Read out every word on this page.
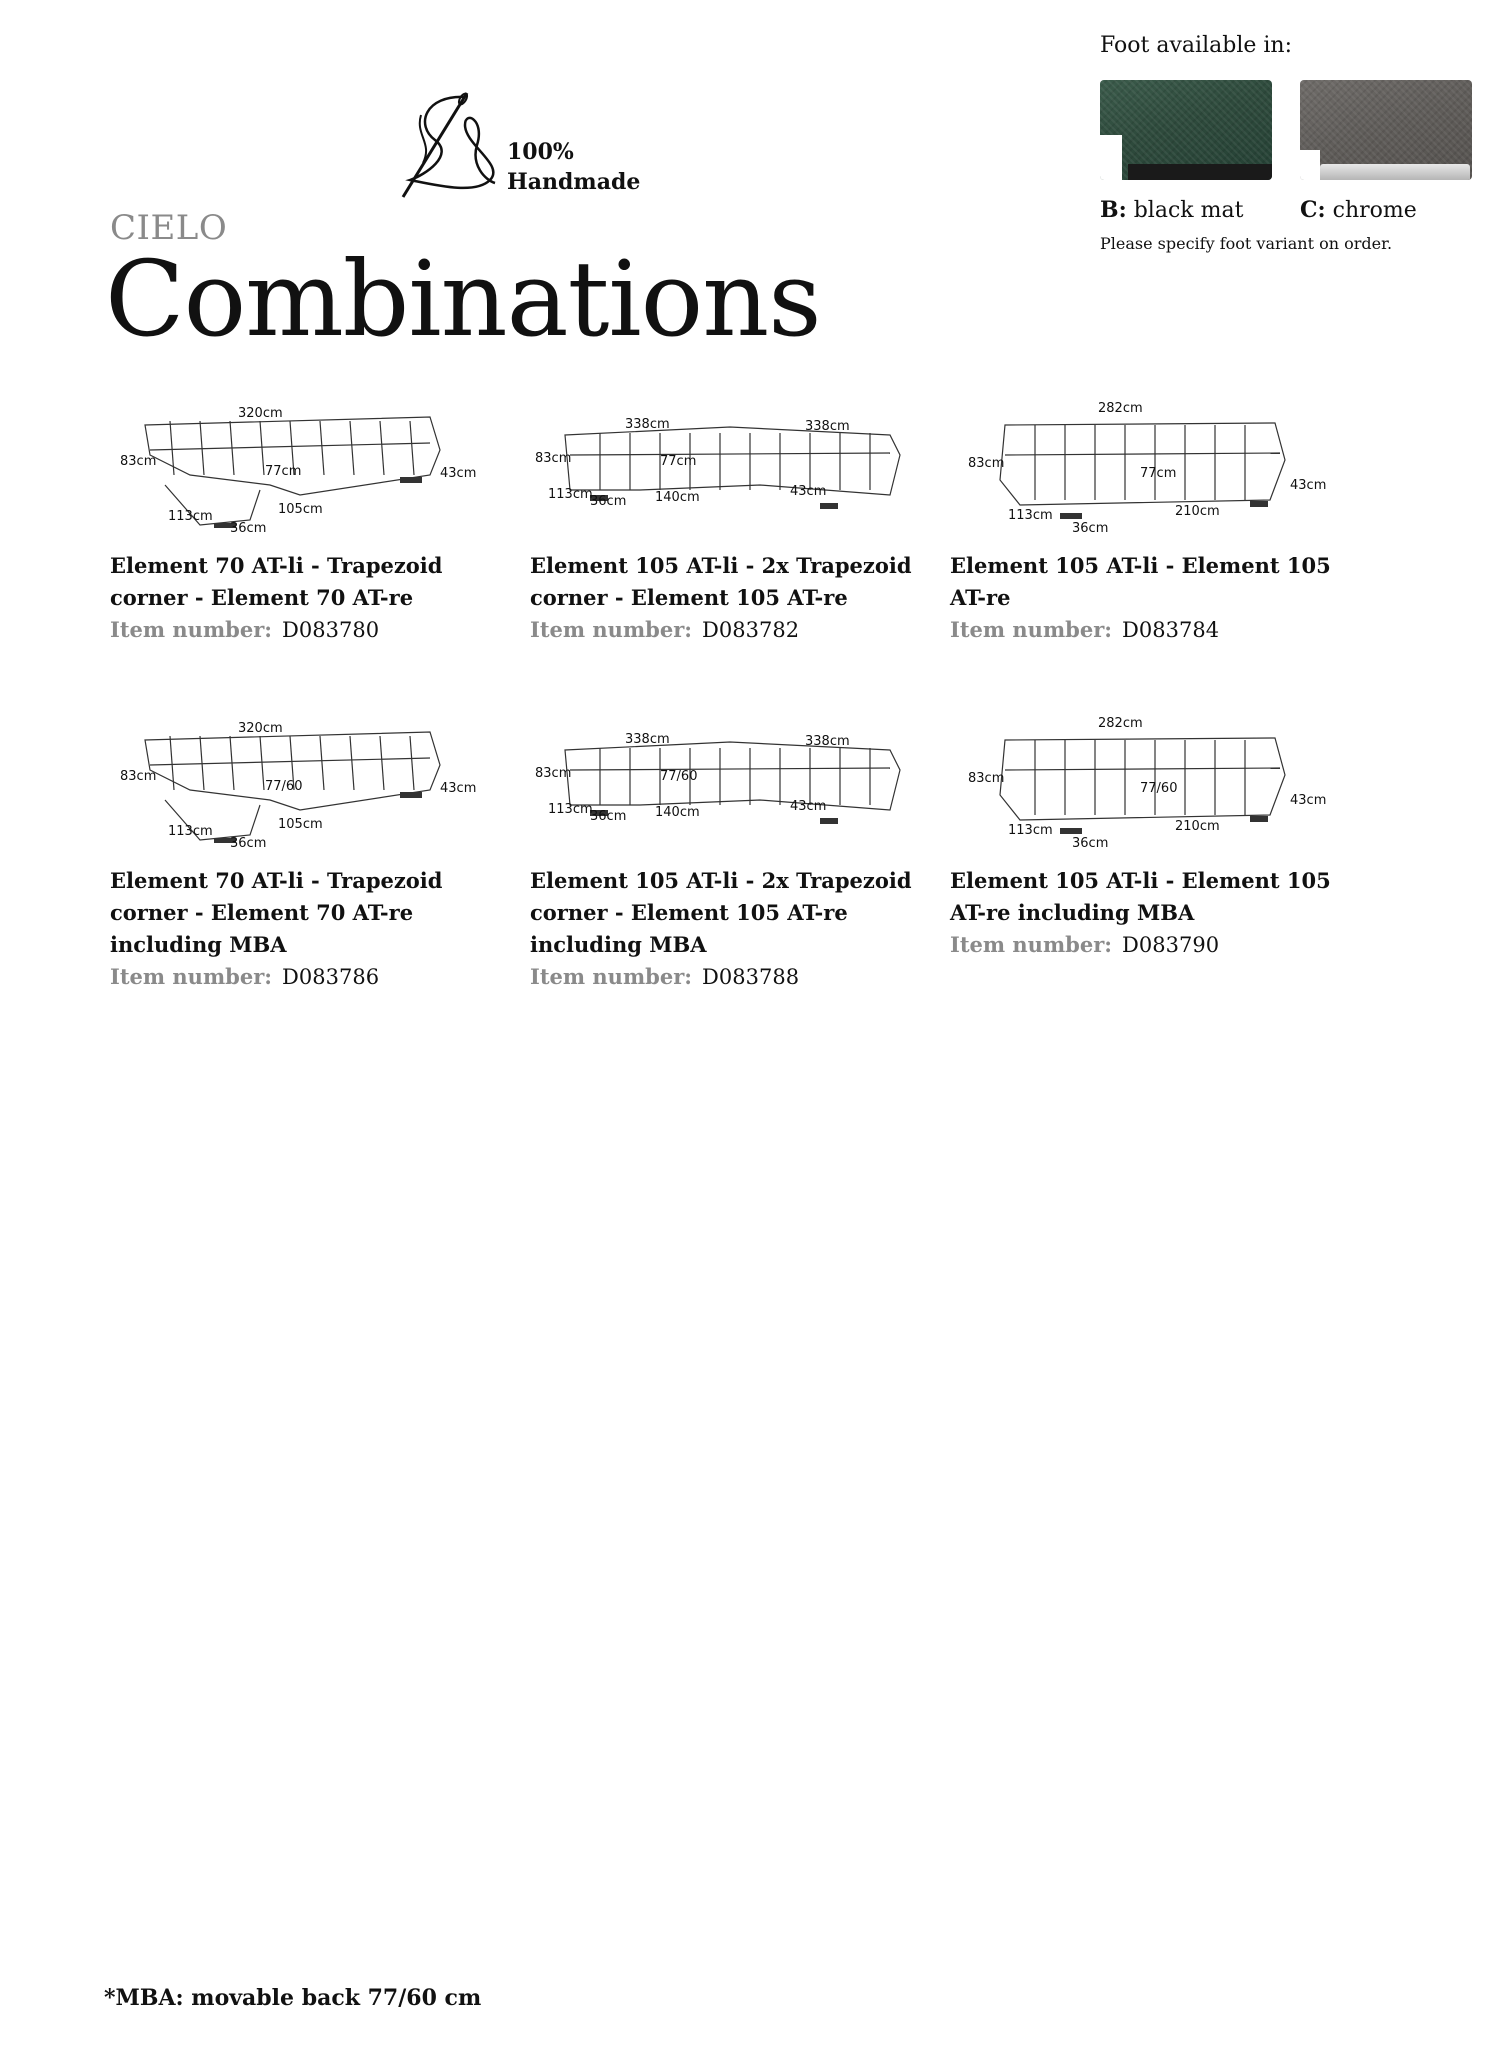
100%
Handmade
CIELO
Combinations
Foot available in:
B: black mat	C: chrome
Please specify foot variant on order.
320cm
83cm
77cm	43cm
113cm	105cm
36cm
Element 70 AT-li - Trapezoid corner - Element 70 AT-re
Item number: D083780
338cm	338cm
83cm	77cm
43cm
113cm
36cm 140cm
Element 105 AT-li - 2x Trapezoid corner - Element 105 AT-re
Item number: D083782
282cm
83cm
77cm
43cm
113cm
36cm
210cm
Element 105 AT-li - Element 105 AT-re
Item number: D083784
320cm
83cm
77/60	43cm
113cm	105cm
36cm
Element 70 AT-li - Trapezoid corner - Element 70 AT-re including MBA
Item number: D083786
338cm	338cm
83cm	77/60
43cm
113cm
36cm 140cm
Element 105 AT-li - 2x Trapezoid corner - Element 105 AT-re including MBA
Item number: D083788
282cm
83cm
77/60
43cm
113cm
36cm
210cm
Element 105 AT-li - Element 105 AT-re including MBA
Item number: D083790
*MBA: movable back 77/60 cm
